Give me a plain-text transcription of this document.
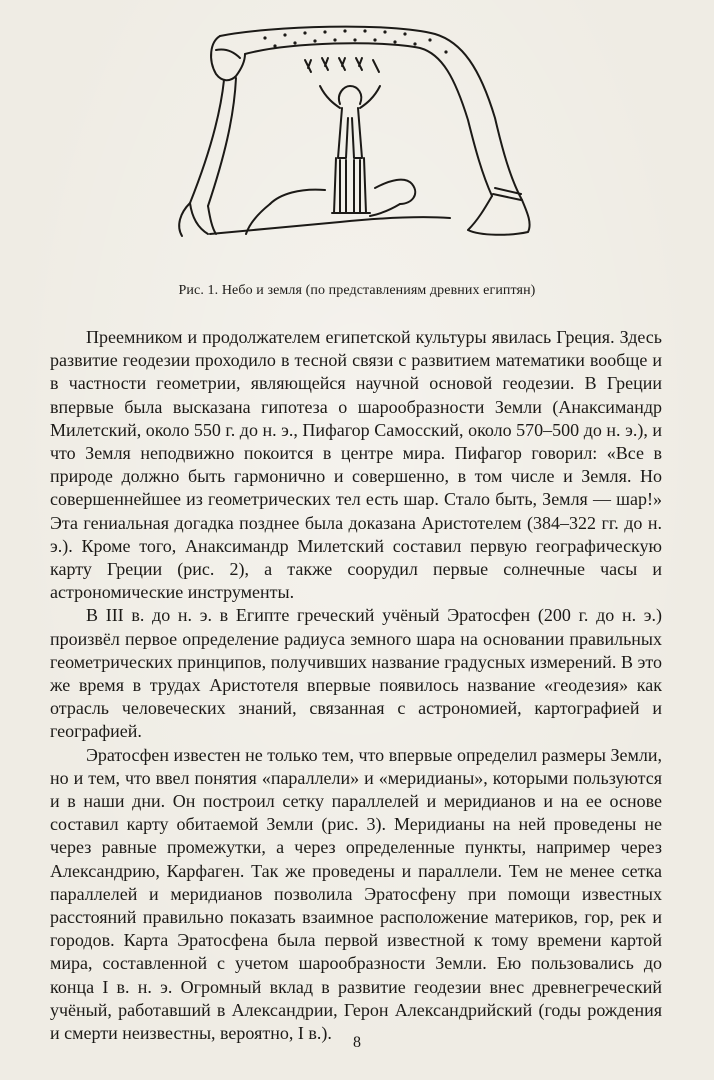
Рис. 1. Небо и земля (по представлениям древних египтян)

Преемником и продолжателем египетской культуры явилась Греция. Здесь развитие геодезии проходило в тесной связи с развитием математики вообще и в частности геометрии, являющейся научной основой геодезии. В Греции впервые была высказана гипотеза о шарообразности Земли (Анаксимандр Милетский, около 550 г. до н. э., Пифагор Самосский, около 570–500 до н. э.), и что Земля неподвижно покоится в центре мира. Пифагор говорил: «Все в природе должно быть гармонично и совершенно, в том числе и Земля. Но совершеннейшее из геометрических тел есть шар. Стало быть, Земля — шар!» Эта гениальная догадка позднее была доказана Аристотелем (384–322 гг. до н. э.). Кроме того, Анаксимандр Милетский составил первую географическую карту Греции (рис. 2), а также соорудил первые солнечные часы и астрономические инструменты.

В III в. до н. э. в Египте греческий учёный Эратосфен (200 г. до н. э.) произвёл первое определение радиуса земного шара на основании правильных геометрических принципов, получивших название градусных измерений. В это же время в трудах Аристотеля впервые появилось название «геодезия» как отрасль человеческих знаний, связанная с астрономией, картографией и географией.

Эратосфен известен не только тем, что впервые определил размеры Земли, но и тем, что ввел понятия «параллели» и «меридианы», которыми пользуются и в наши дни. Он построил сетку параллелей и меридианов и на ее основе составил карту обитаемой Земли (рис. 3). Меридианы на ней проведены не через равные промежутки, а через определенные пункты, например через Александрию, Карфаген. Так же проведены и параллели. Тем не менее сетка параллелей и меридианов позволила Эратосфену при помощи известных расстояний правильно показать взаимное расположение материков, гор, рек и городов. Карта Эратосфена была первой известной к тому времени картой мира, составленной с учетом шарообразности Земли. Ею пользовались до конца I в. н. э. Огромный вклад в развитие геодезии внес древнегреческий учёный, работавший в Александрии, Герон Александрийский (годы рождения и смерти неизвестны, вероятно, I в.).	8
